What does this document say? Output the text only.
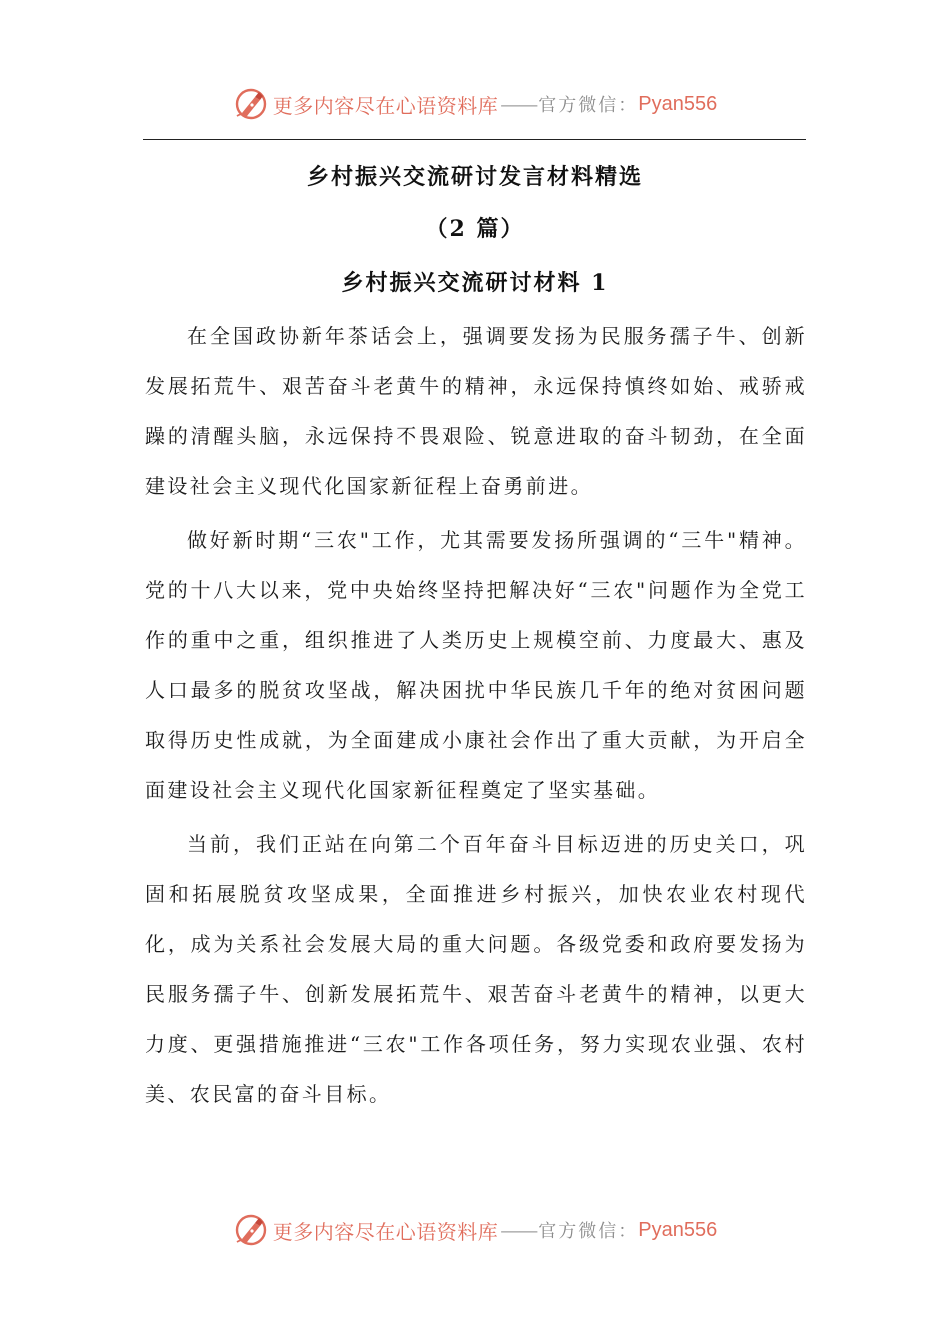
更多内容尽在心语资料库 —— 官方微信： Pyan556
乡村振兴交流研讨发言材料精选
（2 篇）
乡村振兴交流研讨材料 1

在全国政协新年茶话会上，强调要发扬为民服务孺子牛、创新发展拓荒牛、艰苦奋斗老黄牛的精神，永远保持慎终如始、戒骄戒躁的清醒头脑，永远保持不畏艰险、锐意进取的奋斗韧劲，在全面建设社会主义现代化国家新征程上奋勇前进。

做好新时期“三农"工作，尤其需要发扬所强调的“三牛"精神。党的十八大以来，党中央始终坚持把解决好“三农"问题作为全党工作的重中之重，组织推进了人类历史上规模空前、力度最大、惠及人口最多的脱贫攻坚战，解决困扰中华民族几千年的绝对贫困问题取得历史性成就，为全面建成小康社会作出了重大贡献，为开启全面建设社会主义现代化国家新征程奠定了坚实基础。

当前，我们正站在向第二个百年奋斗目标迈进的历史关口，巩固和拓展脱贫攻坚成果，全面推进乡村振兴，加快农业农村现代化，成为关系社会发展大局的重大问题。各级党委和政府要发扬为民服务孺子牛、创新发展拓荒牛、艰苦奋斗老黄牛的精神，以更大力度、更强措施推进“三农"工作各项任务，努力实现农业强、农村美、农民富的奋斗目标。

更多内容尽在心语资料库 —— 官方微信： Pyan556
